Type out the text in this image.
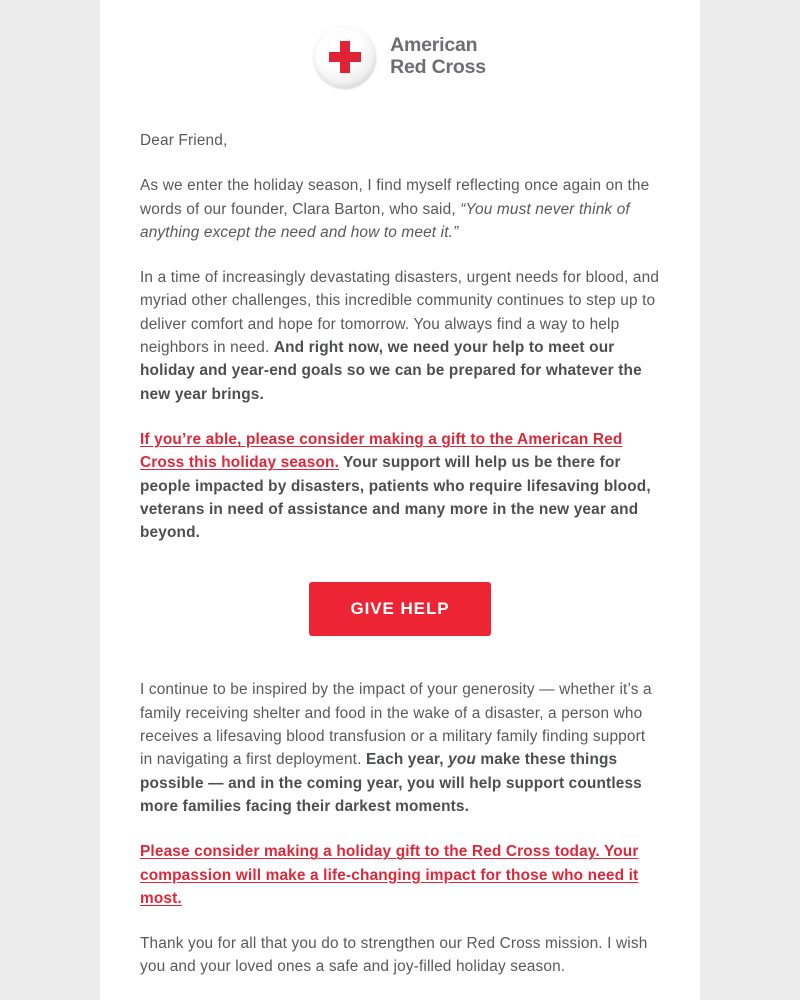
American
Red Cross

Dear Friend,

As we enter the holiday season, I find myself reflecting once again on the words of our founder, Clara Barton, who said, “You must never think of anything except the need and how to meet it.”

In a time of increasingly devastating disasters, urgent needs for blood, and myriad other challenges, this incredible community continues to step up to deliver comfort and hope for tomorrow. You always find a way to help neighbors in need. And right now, we need your help to meet our holiday and year-end goals so we can be prepared for whatever the new year brings.

If you’re able, please consider making a gift to the American Red Cross this holiday season. Your support will help us be there for people impacted by disasters, patients who require lifesaving blood, veterans in need of assistance and many more in the new year and beyond.

GIVE HELP

I continue to be inspired by the impact of your generosity — whether it’s a family receiving shelter and food in the wake of a disaster, a person who receives a lifesaving blood transfusion or a military family finding support in navigating a first deployment. Each year, you make these things possible — and in the coming year, you will help support countless more families facing their darkest moments.

Please consider making a holiday gift to the Red Cross today. Your compassion will make a life-changing impact for those who need it most.

Thank you for all that you do to strengthen our Red Cross mission. I wish you and your loved ones a safe and joy-filled holiday season.
